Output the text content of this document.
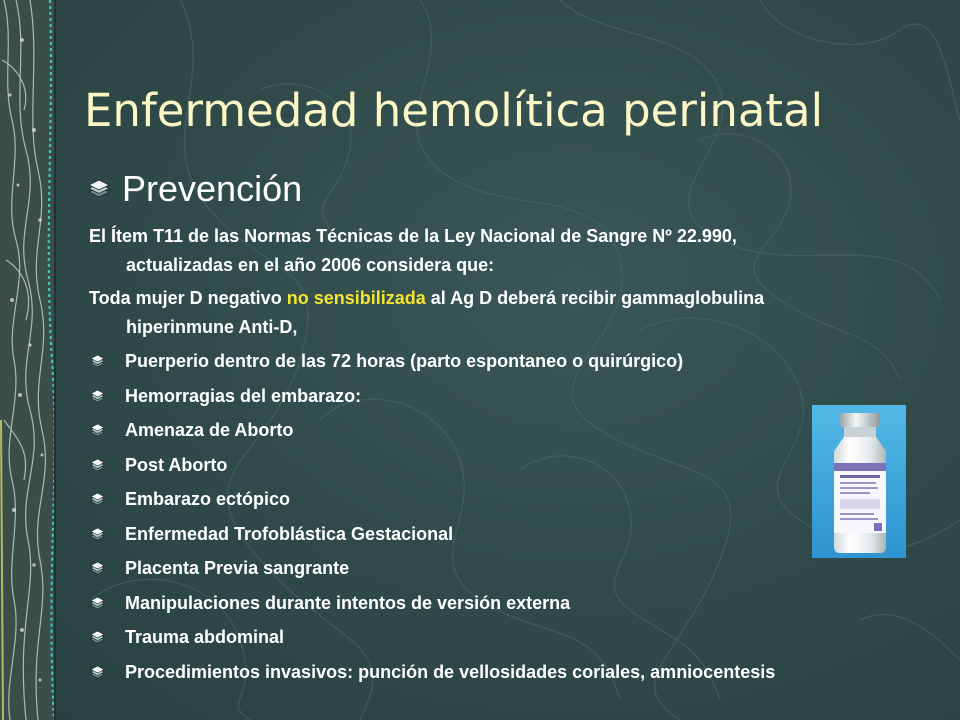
Enfermedad hemolítica perinatal
Prevención
El Ítem T11 de las Normas Técnicas de la Ley Nacional de Sangre Nº 22.990,
actualizadas en el año 2006 considera que:
Toda mujer D negativo no sensibilizada al Ag D deberá recibir gammaglobulina
hiperinmune Anti-D,
Puerperio dentro de las 72 horas (parto espontaneo o quirúrgico)
Hemorragias del embarazo:
Amenaza de Aborto
Post Aborto
Embarazo ectópico
Enfermedad Trofoblástica Gestacional
Placenta Previa sangrante
Manipulaciones durante intentos de versión externa
Trauma abdominal
Procedimientos invasivos: punción de vellosidades coriales, amniocentesis
